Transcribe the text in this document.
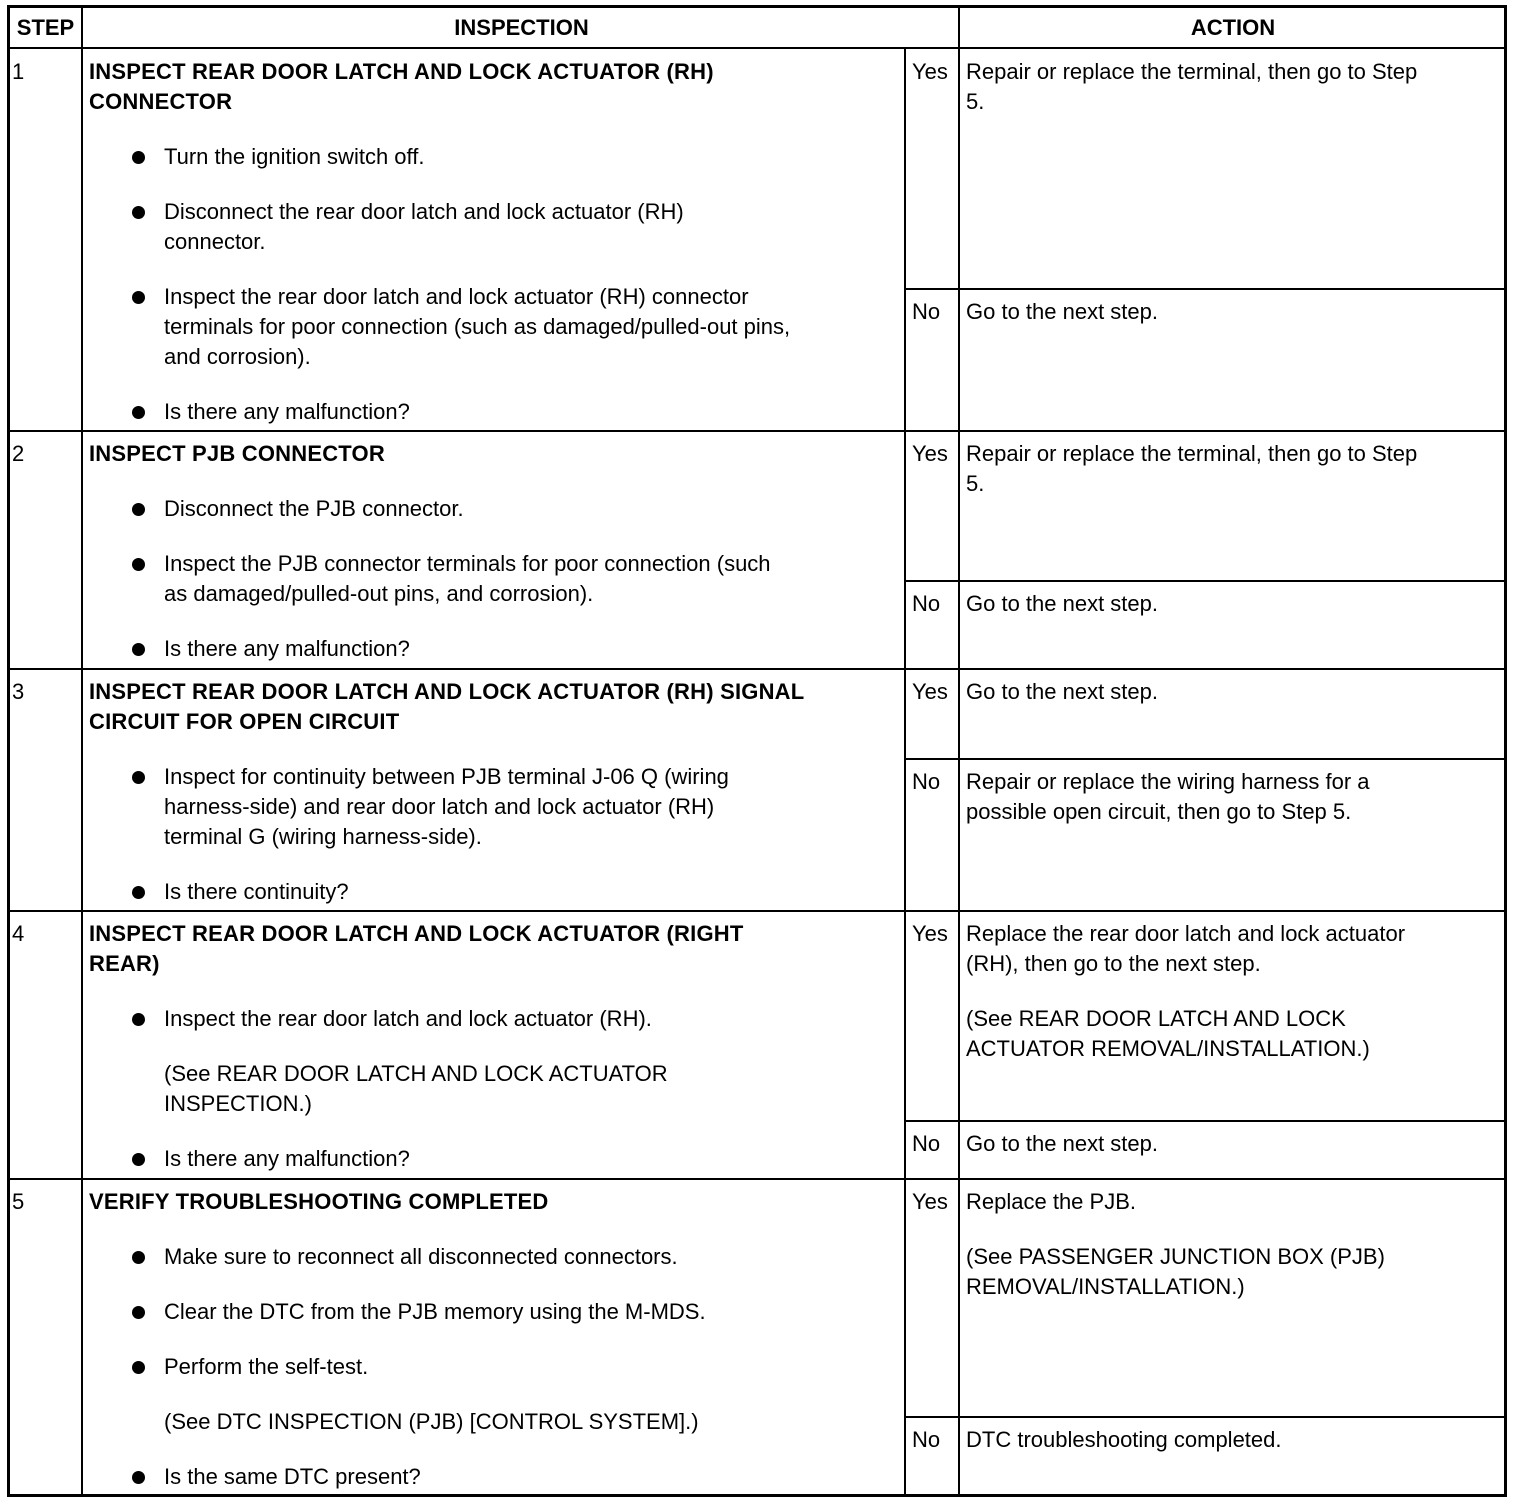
STEP	INSPECTION	ACTION
1	INSPECT REAR DOOR LATCH AND LOCK ACTUATOR (RH)
CONNECTOR
Turn the ignition switch off.
Disconnect the rear door latch and lock actuator (RH)
connector.
Inspect the rear door latch and lock actuator (RH) connector
terminals for poor connection (such as damaged/pulled-out pins,
and corrosion).
Is there any malfunction?
Yes Repair or replace the terminal, then go to Step
5.
No Go to the next step.
2	INSPECT PJB CONNECTOR
Disconnect the PJB connector.
Inspect the PJB connector terminals for poor connection (such
as damaged/pulled-out pins, and corrosion).
Is there any malfunction?
Yes Repair or replace the terminal, then go to Step
5.
No Go to the next step.
3	INSPECT REAR DOOR LATCH AND LOCK ACTUATOR (RH) SIGNAL
CIRCUIT FOR OPEN CIRCUIT
Inspect for continuity between PJB terminal J-06 Q (wiring
harness-side) and rear door latch and lock actuator (RH)
terminal G (wiring harness-side).
Is there continuity?
Yes Go to the next step.
No Repair or replace the wiring harness for a
possible open circuit, then go to Step 5.
4	INSPECT REAR DOOR LATCH AND LOCK ACTUATOR (RIGHT
REAR)
Inspect the rear door latch and lock actuator (RH).
(See REAR DOOR LATCH AND LOCK ACTUATOR
INSPECTION.)
Is there any malfunction?
Yes Replace the rear door latch and lock actuator
(RH), then go to the next step.
(See REAR DOOR LATCH AND LOCK
ACTUATOR REMOVAL/INSTALLATION.)
No Go to the next step.
5	VERIFY TROUBLESHOOTING COMPLETED
Make sure to reconnect all disconnected connectors.
Clear the DTC from the PJB memory using the M-MDS.
Perform the self-test.
(See DTC INSPECTION (PJB) [CONTROL SYSTEM].)
Is the same DTC present?
Yes Replace the PJB.
(See PASSENGER JUNCTION BOX (PJB)
REMOVAL/INSTALLATION.)
No DTC troubleshooting completed.
